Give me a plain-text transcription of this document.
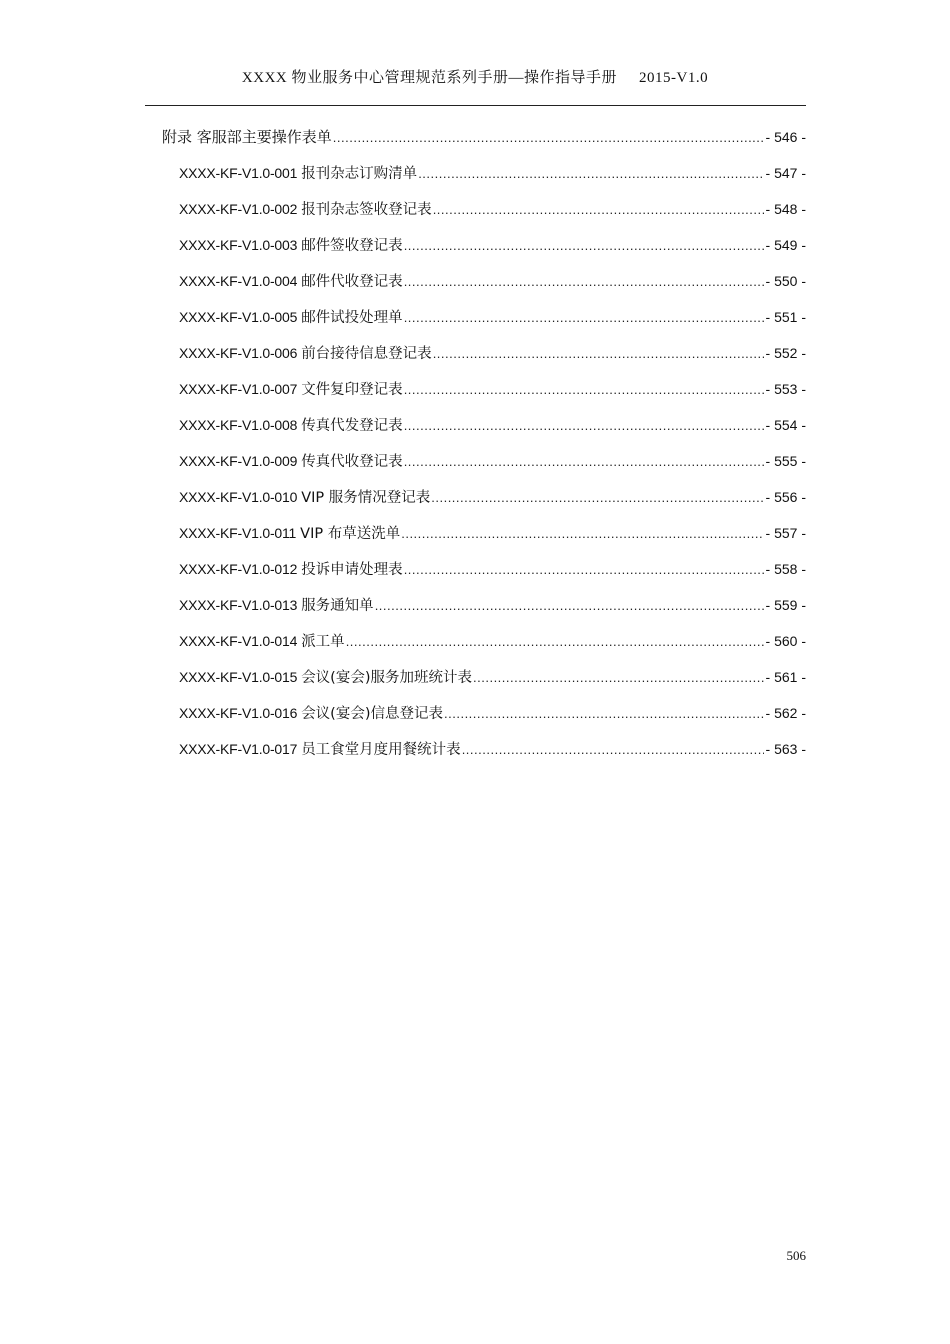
XXXX 物业服务中心管理规范系列手册—操作指导手册 2015-V1.0
附录 客服部主要操作表单 .....	- 546 -
XXXX-KF-V1.0-001 报刊杂志订购清单 .....	- 547 -
XXXX-KF-V1.0-002 报刊杂志签收登记表 .....	- 548 -
XXXX-KF-V1.0-003 邮件签收登记表 .....	- 549 -
XXXX-KF-V1.0-004 邮件代收登记表 .....	- 550 -
XXXX-KF-V1.0-005 邮件试投处理单 .....	- 551 -
XXXX-KF-V1.0-006 前台接待信息登记表 .....	- 552 -
XXXX-KF-V1.0-007 文件复印登记表 .....	- 553 -
XXXX-KF-V1.0-008 传真代发登记表 .....	- 554 -
XXXX-KF-V1.0-009 传真代收登记表 .....	- 555 -
XXXX-KF-V1.0-010 VIP 服务情况登记表 .....	- 556 -
XXXX-KF-V1.0-011 VIP 布草送洗单 .....	- 557 -
XXXX-KF-V1.0-012 投诉申请处理表 .....	- 558 -
XXXX-KF-V1.0-013 服务通知单 .....	- 559 -
XXXX-KF-V1.0-014 派工单 .....	- 560 -
XXXX-KF-V1.0-015 会议(宴会)服务加班统计表 .....	- 561 -
XXXX-KF-V1.0-016 会议(宴会)信息登记表 .....	- 562 -
XXXX-KF-V1.0-017 员工食堂月度用餐统计表 .....	- 563 -
506
